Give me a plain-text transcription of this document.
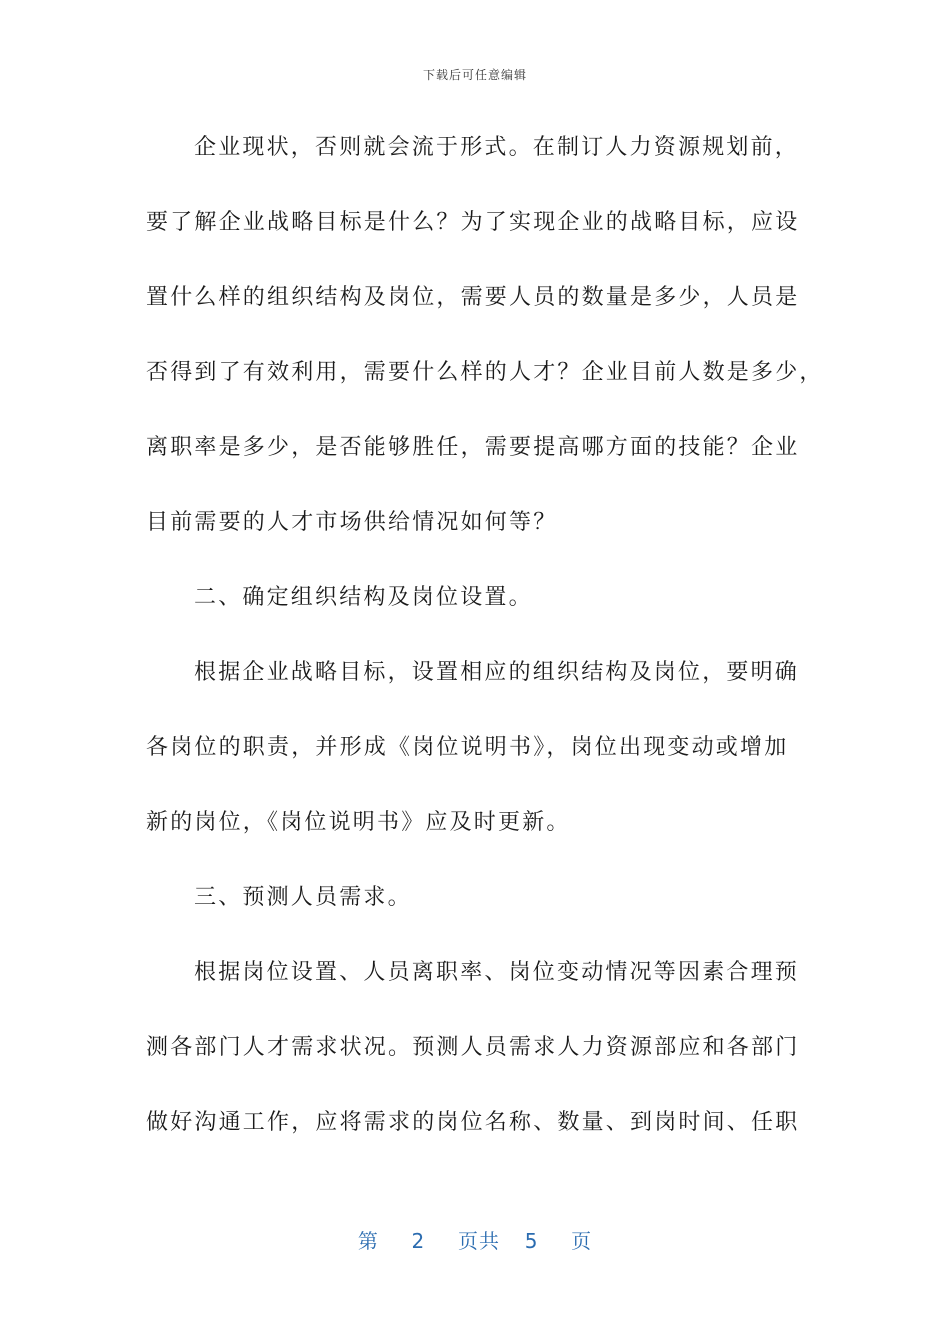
下载后可任意编辑
企业现状，否则就会流于形式。在制订人力资源规划前，
要了解企业战略目标是什么？为了实现企业的战略目标，应设
置什么样的组织结构及岗位，需要人员的数量是多少，人员是
否得到了有效利用，需要什么样的人才？企业目前人数是多少，
离职率是多少，是否能够胜任，需要提高哪方面的技能？企业
目前需要的人才市场供给情况如何等？
二、确定组织结构及岗位设置。
根据企业战略目标，设置相应的组织结构及岗位，要明确
各岗位的职责，并形成《岗位说明书》，岗位出现变动或增加
新的岗位，《岗位说明书》应及时更新。
三、预测人员需求。
根据岗位设置、人员离职率、岗位变动情况等因素合理预
测各部门人才需求状况。预测人员需求人力资源部应和各部门
做好沟通工作，应将需求的岗位名称、数量、到岗时间、任职
第 2 页共 5 页
